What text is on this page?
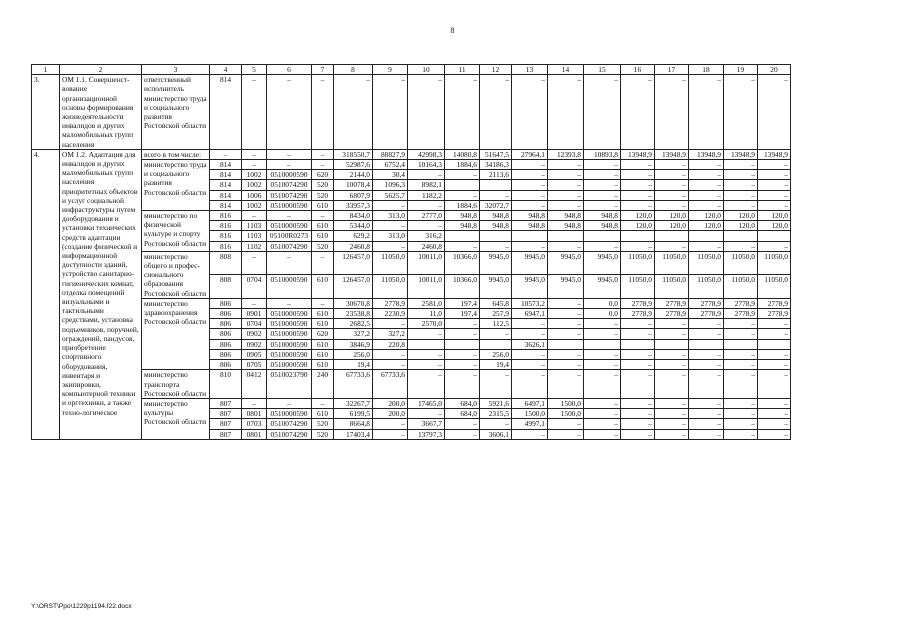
8
1	2	3	4	5	6	7	8	9	10	11	12	13	14	15	16	17	18	19	20
3.	ОМ 1.1. Совершенст-вование организационной основы формирования жизнедеятельности инвалидов и других маломобильных групп населения	ответственный исполнитель министерство труда и социального развития Ростовской области	814	–	–	–	–	–	–	–	–	–	–	–	–	–	–	–	–
4.	ОМ 1.2. Адаптация для инвалидов и других маломобильных групп населения приоритетных объектов и услуг социальной инфраструктуры путем дооборудования и установки технических средств адаптации (создание физической и информационной доступности зданий, устройство санитарно-гигиенических комнат, отделка помещений визуальными и тактильными средствами, установка подъемников, поручней, ограждений, пандусов, приобретение спортивного оборудования, инвентаря и экипировки, компьютерной техники и оргтехники, а также техно-логическое	всего в том числе:	–	–	–	–	318550,7	88827,9	42998,3	14080,8	51647,5	27964,1	12393,8	10893,8	13948,9	13948,9	13948,9	13948,9	13948,9
		министерство труда и социального развития Ростовской области	814	–	–	–	52987,6	6752,4	10164,3	1884,6	34186,3	–	–	–	–	–	–	–	–
			814	1002	0510000590	620	2144,0	30,4	–	–	2113,6	–	–	–	–	–	–	–	–
			814	1002	0510074290	520	10078,4	1096,3	8982,1			–	–	–	–	–	–	–	–
			814	1006	0510074290	520	6807,9	5625,7	1182,2	–	–	–	–	–	–	–	–	–	–
			814	1002	0510000590	610	33957,3	–	–	1884,6	32072,7	–	–	–	–	–	–	–	–
		министерство по физической культуре и спорту Ростовской области	816	–	–	–	8434,0	313,0	2777,0	948,8	948,8	948,8	948,8	948,8	120,0	120,0	120,0	120,0	120,0
			816	1103	0510000590	610	5344,0	–	–	948,8	948,8	948,8	948,8	948,8	120,0	120,0	120,0	120,0	120,0
			816	1103	05100R0273	610	629,2	313,0	316,2										
			816	1102	0510074290	520	2460,8	–	2460,8	–	–	–	–	–	–	–	–	–	–
		министерство общего и профес-сионального образования Ростовской области	808	–	–	–	126457,0	11050,0	10011,0	10366,0	9945,0	9945,0	9945,0	9945,0	11050,0	11050,0	11050,0	11050,0	11050,0
			808	0704	0510000590	610	126457,0	11050,0	10011,0	10366,0	9945,0	9945,0	9945,0	9945,0	11050,0	11050,0	11050,0	11050,0	11050,0
		министерство здравоохранения Ростовской области	806	–	–	–	30670,8	2778,9	2581,0	197,4	645,8	10573,2	–	0,0	2778,9	2778,9	2778,9	2778,9	2778,9
			806	0901	0510000590	610	23538,8	2230,9	11,0	197,4	257,9	6947,1	–	0,0	2778,9	2778,9	2778,9	2778,9	2778,9
			806	0704	0510000590	610	2682,5	–	2570,0	–	112,5	–	–	–	–	–	–	–	–
			806	0902	0510000590	620	327,2	327,2	–	–	–	–	–	–	–	–	–	–	–
			806	0902	0510000590	610	3846,9	220,8				3626,1							
			806	0905	0510000590	610	256,0	–	–	–	256,0	–	–	–	–	–	–	–	–
			806	0705	0510000590	610	19,4	–	–	–	19,4	–	–	–	–	–	–	–	–
		министерство транспорта Ростовской области	810	0412	0510023790	240	67733,6	67733,6	–	–	–	–	–	–	–	–	–	–	–
		министерство культуры Ростовской области	807	–	–	–	32267,7	200,0	17465,0	684,0	5921,6	6497,1	1500,0	–	–	–	–	–	–
			807	0801	0510000590	610	6199,5	200,0	–	684,0	2315,5	1500,0	1500,0	–	–	–	–	–	–
			807	0703	0510074290	520	8664,8	–	3667,7	–	–	4997,1	–	–	–	–	–	–	–
			807	0801	0510074290	520	17403,4	–	13797,3	–	3606,1	–	–	–	–	–	–	–	–
Y:\ORST\Ppo\1229p1194.f22.docx
